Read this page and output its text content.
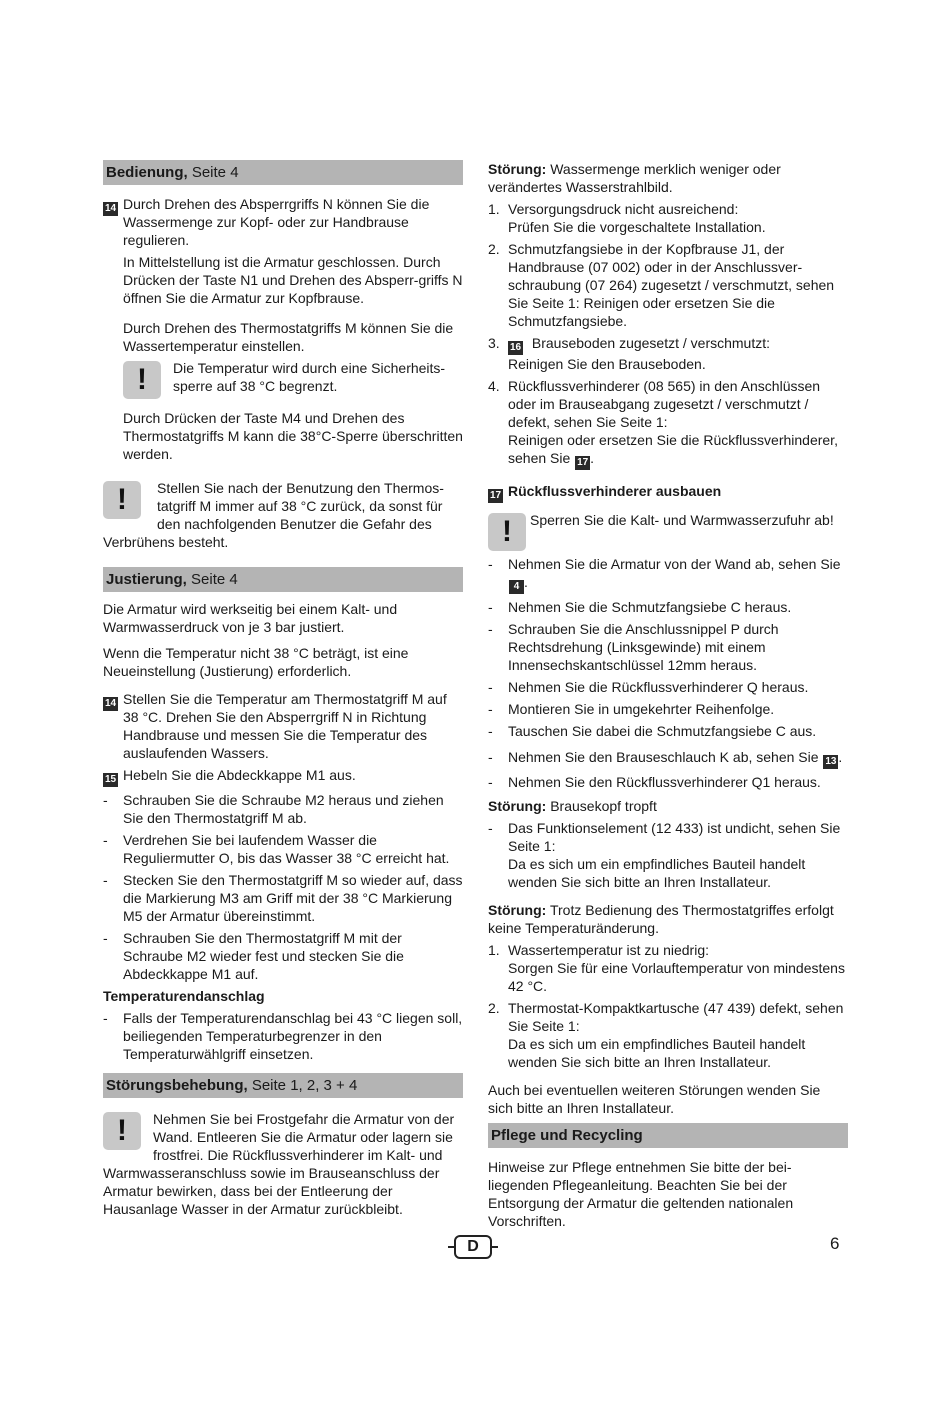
Bedienung, Seite 4
14 Durch Drehen des Absperrgriffs N können Sie die Wassermenge zur Kopf- oder zur Handbrause regulieren.

In Mittelstellung ist die Armatur geschlossen. Durch Drücken der Taste N1 und Drehen des Absperr-griffs N öffnen Sie die Armatur zur Kopfbrause.

Durch Drehen des Thermostatgriffs M können Sie die Wassertemperatur einstellen.

!	Die Temperatur wird durch eine Sicherheits-sperre auf 38 °C begrenzt.

Durch Drücken der Taste M4 und Drehen des Thermostatgriffs M kann die 38°C-Sperre überschritten werden.

!	Stellen Sie nach der Benutzung den Thermos-tatgriff M immer auf 38 °C zurück, da sonst für den nachfolgenden Benutzer die Gefahr des Verbrühens besteht.

Justierung, Seite 4

Die Armatur wird werkseitig bei einem Kalt- und Warmwasserdruck von je 3 bar justiert.

Wenn die Temperatur nicht 38 °C beträgt, ist eine Neueinstellung (Justierung) erforderlich.

14 Stellen Sie die Temperatur am Thermostatgriff M auf 38 °C. Drehen Sie den Absperrgriff N in Richtung Handbrause und messen Sie die Temperatur des auslaufenden Wassers.

15 Hebeln Sie die Abdeckkappe M1 aus.

-	Schrauben Sie die Schraube M2 heraus und ziehen Sie den Thermostatgriff M ab.

-	Verdrehen Sie bei laufendem Wasser die Reguliermutter O, bis das Wasser 38 °C erreicht hat.

-	Stecken Sie den Thermostatgriff M so wieder auf, dass die Markierung M3 am Griff mit der 38 °C Markierung M5 der Armatur übereinstimmt.

-	Schrauben Sie den Thermostatgriff M mit der Schraube M2 wieder fest und stecken Sie die Abdeckkappe M1 auf.

Temperaturendanschlag

-	Falls der Temperaturendanschlag bei 43 °C liegen soll, beiliegenden Temperaturbegrenzer in den Temperaturwählgriff einsetzen.

Störungsbehebung, Seite 1, 2, 3 + 4
!	Nehmen Sie bei Frostgefahr die Armatur von der Wand. Entleeren Sie die Armatur oder lagern sie frostfrei. Die Rückflussverhinderer im Kalt- und Warmwasseranschluss sowie im Brauseanschluss der Armatur bewirken, dass bei der Entleerung der Hausanlage Wasser in der Armatur zurückbleibt.

Störung: Wassermenge merklich weniger oder verändertes Wasserstrahlbild.

1. Versorgungsdruck nicht ausreichend:

Prüfen Sie die vorgeschaltete Installation.

2. Schmutzfangsiebe in der Kopfbrause J1, der Handbrause (07 002) oder in der Anschlussver-schraubung (07 264) zugesetzt / verschmutzt, sehen Sie Seite 1: Reinigen oder ersetzen Sie die Schmutzfangsiebe.

3.	16 Brauseboden zugesetzt / verschmutzt:

Reinigen Sie den Brauseboden.

4. Rückflussverhinderer (08 565) in den Anschlüssen oder im Brauseabgang zugesetzt / verschmutzt / defekt, sehen Sie Seite 1:

Reinigen oder ersetzen Sie die Rückflussverhinderer, sehen Sie 17 .

17 Rückflussverhinderer ausbauen

!	Sperren Sie die Kalt- und Warmwasserzufuhr ab!

-	Nehmen Sie die Armatur von der Wand ab, sehen Sie 4 .

-	Nehmen Sie die Schmutzfangsiebe C heraus.

-	Schrauben Sie die Anschlussnippel P durch Rechtsdrehung (Linksgewinde) mit einem Innensechskantschlüssel 12mm heraus.

-	Nehmen Sie die Rückflussverhinderer Q heraus.

-	Montieren Sie in umgekehrter Reihenfolge.

-	Tauschen Sie dabei die Schmutzfangsiebe C aus.

-	Nehmen Sie den Brauseschlauch K ab, sehen Sie 13 .

-	Nehmen Sie den Rückflussverhinderer Q1 heraus.

Störung: Brausekopf tropft

-	Das Funktionselement (12 433) ist undicht, sehen Sie Seite 1:

Da es sich um ein empfindliches Bauteil handelt wenden Sie sich bitte an Ihren Installateur.

Störung: Trotz Bedienung des Thermostatgriffes erfolgt keine Temperaturänderung.

1. Wassertemperatur ist zu niedrig:

Sorgen Sie für eine Vorlauftemperatur von mindestens 42 °C.

2. Thermostat-Kompaktkartusche (47 439) defekt, sehen Sie Seite 1:

Da es sich um ein empfindliches Bauteil handelt wenden Sie sich bitte an Ihren Installateur.

Auch bei eventuellen weiteren Störungen wenden Sie sich bitte an Ihren Installateur.

Pflege und Recycling

Hinweise zur Pflege entnehmen Sie bitte der bei-liegenden Pflegeanleitung. Beachten Sie bei der Entsorgung der Armatur die geltenden nationalen Vorschriften.

D	6
